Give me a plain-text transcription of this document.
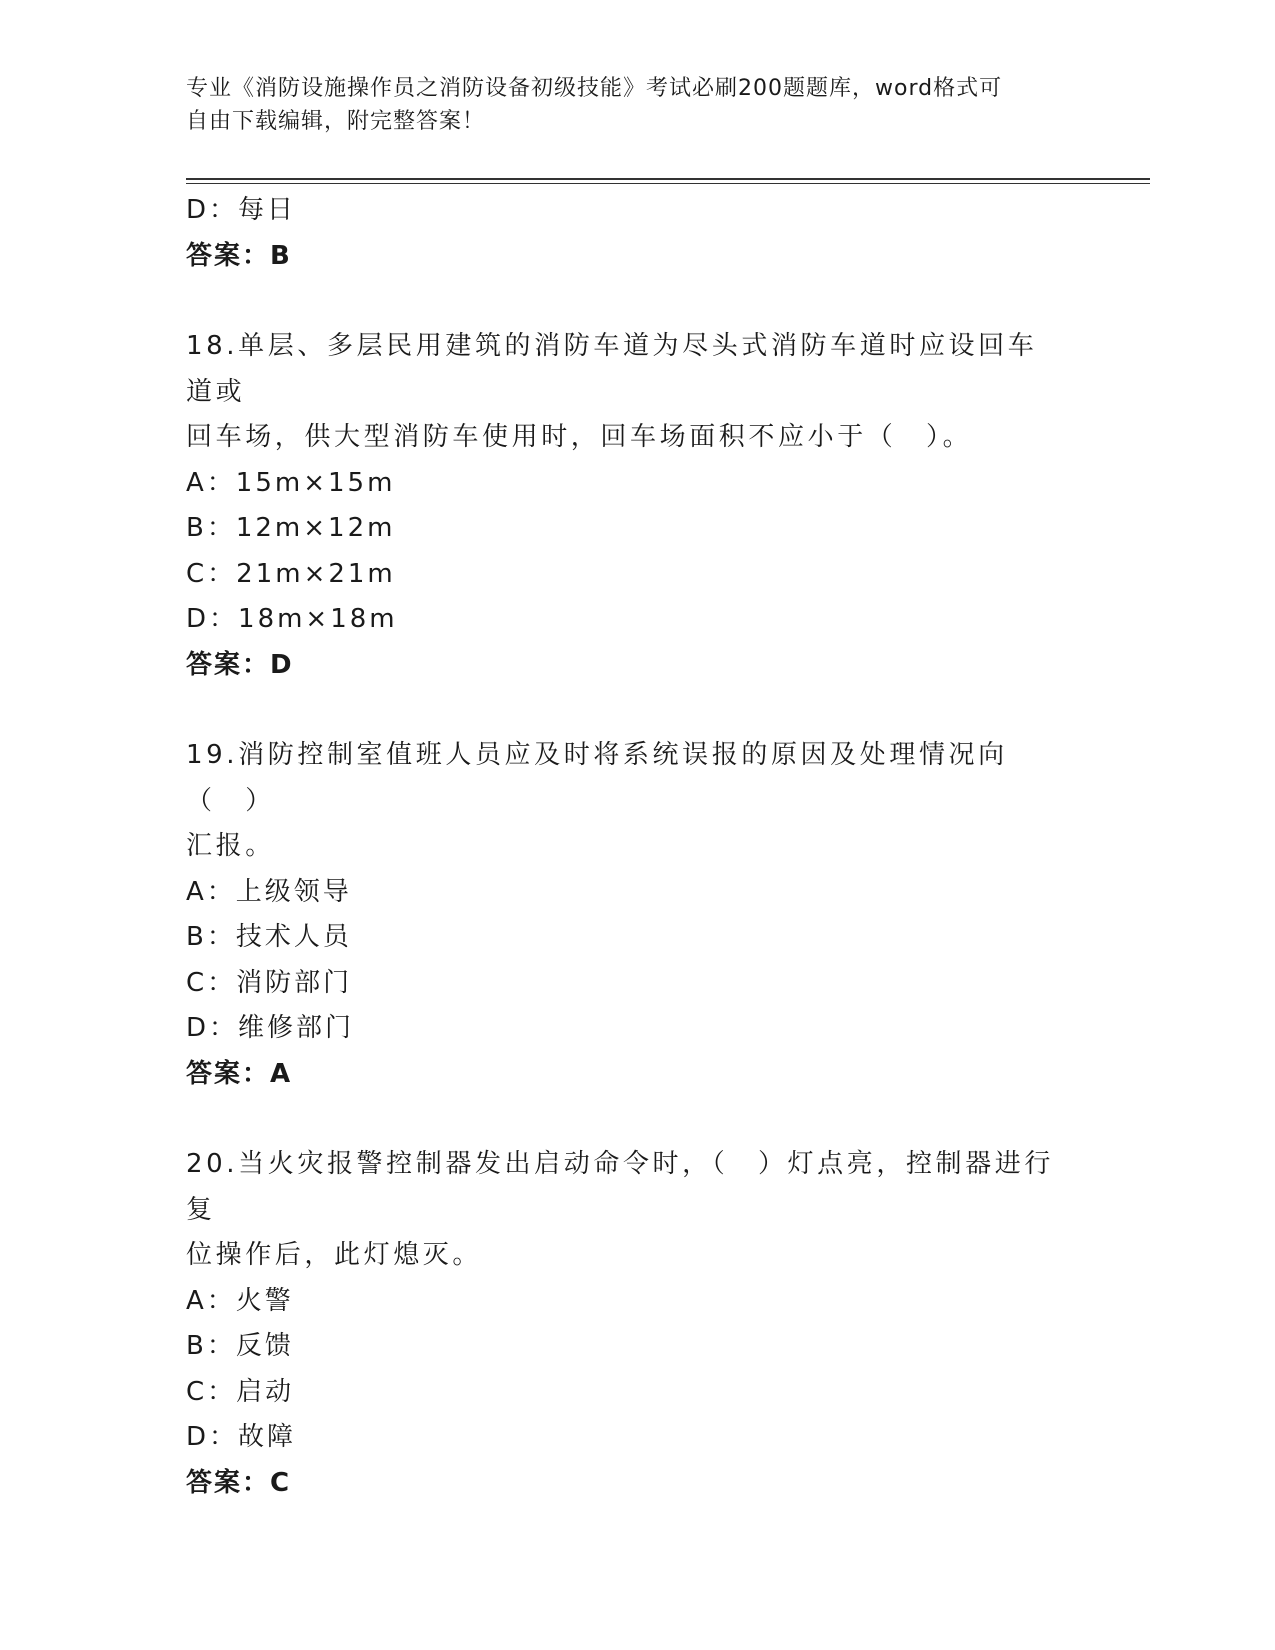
专业《消防设施操作员之消防设备初级技能》考试必刷200题题库，word格式可
自由下载编辑，附完整答案！
D：每日
答案：B
18.单层、多层民用建筑的消防车道为尽头式消防车道时应设回车道或
回车场，供大型消防车使用时，回车场面积不应小于（　）。
A：15m×15m
B：12m×12m
C：21m×21m
D：18m×18m
答案：D
19.消防控制室值班人员应及时将系统误报的原因及处理情况向（　）
汇报。
A：上级领导
B：技术人员
C：消防部门
D：维修部门
答案：A
20.当火灾报警控制器发出启动命令时，（　）灯点亮，控制器进行复
位操作后，此灯熄灭。
A：火警
B：反馈
C：启动
D：故障
答案：C
